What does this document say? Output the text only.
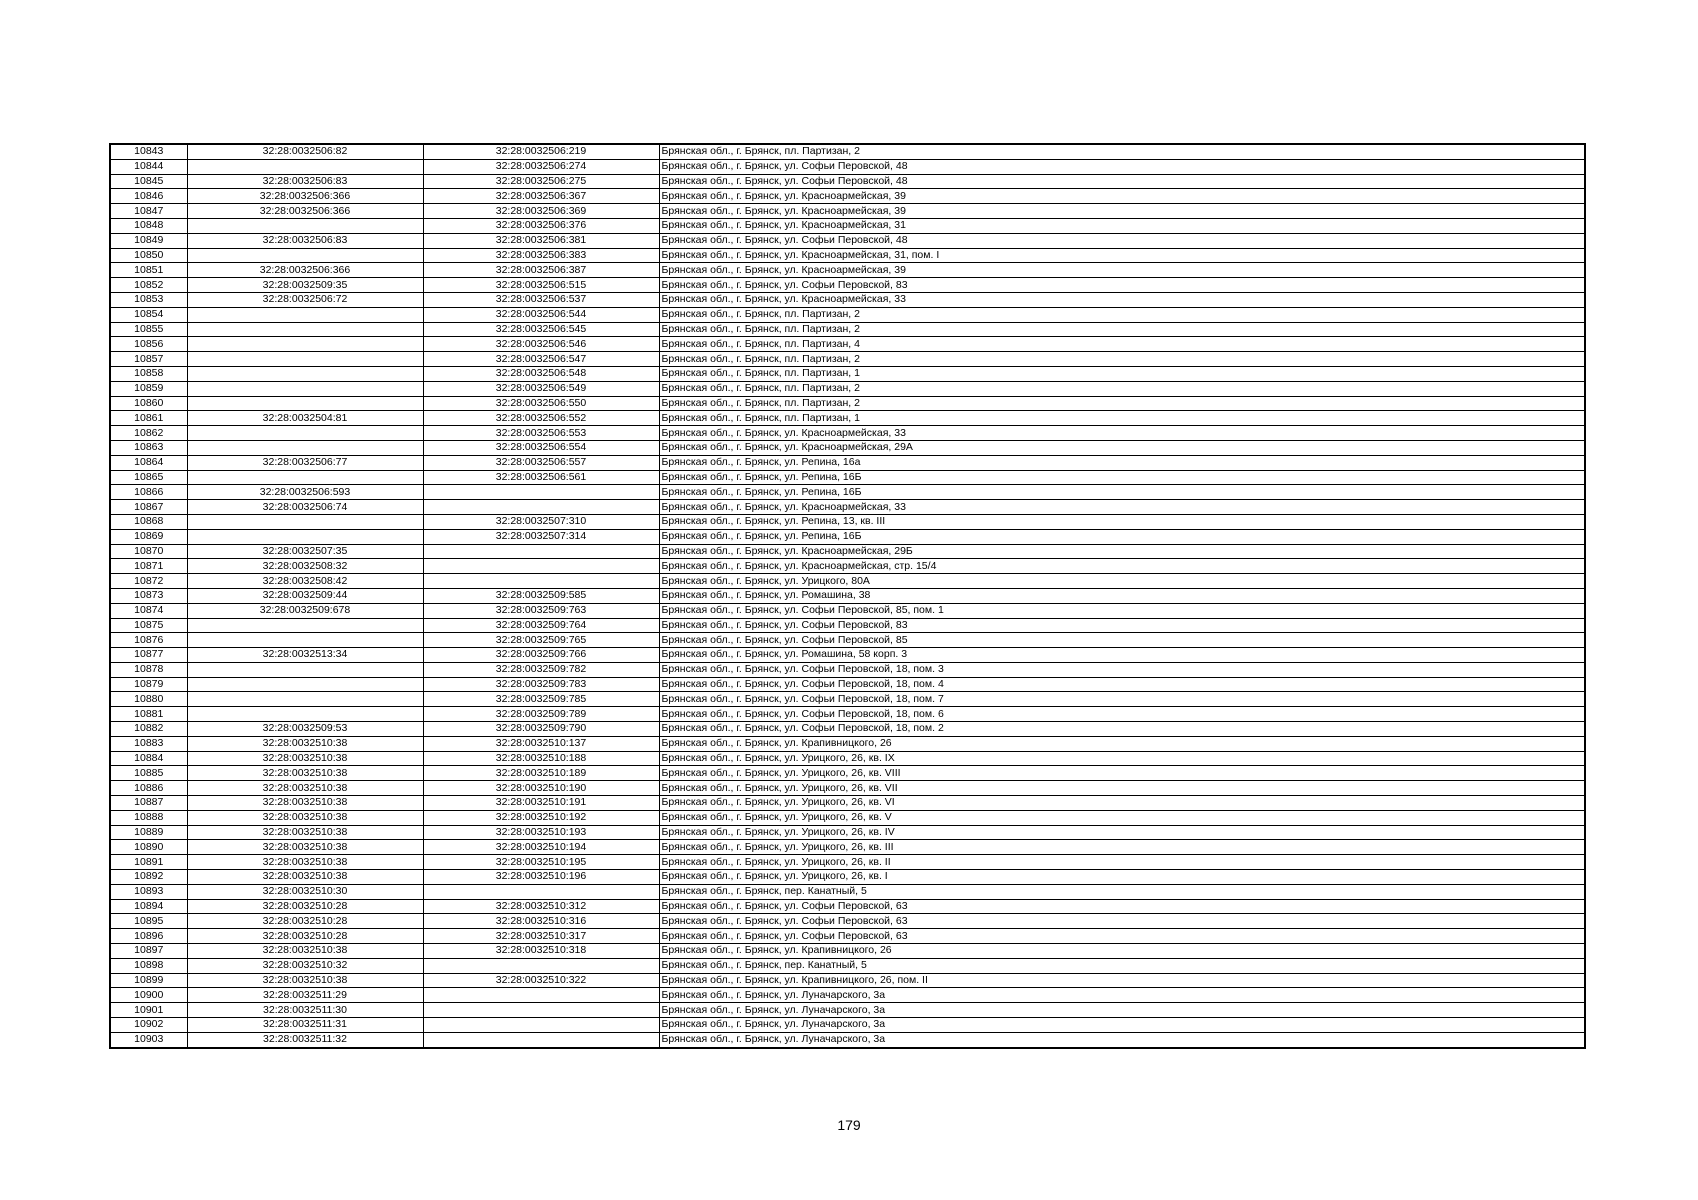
10843	32:28:0032506:82	32:28:0032506:219	Брянская обл., г. Брянск, пл. Партизан, 2
10844		32:28:0032506:274	Брянская обл., г. Брянск, ул. Софьи Перовской, 48
10845	32:28:0032506:83	32:28:0032506:275	Брянская обл., г. Брянск, ул. Софьи Перовской, 48
10846	32:28:0032506:366	32:28:0032506:367	Брянская обл., г. Брянск, ул. Красноармейская, 39
10847	32:28:0032506:366	32:28:0032506:369	Брянская обл., г. Брянск, ул. Красноармейская, 39
10848		32:28:0032506:376	Брянская обл., г. Брянск, ул. Красноармейская, 31
10849	32:28:0032506:83	32:28:0032506:381	Брянская обл., г. Брянск, ул. Софьи Перовской, 48
10850		32:28:0032506:383	Брянская обл., г. Брянск, ул. Красноармейская, 31, пом. I
10851	32:28:0032506:366	32:28:0032506:387	Брянская обл., г. Брянск, ул. Красноармейская, 39
10852	32:28:0032509:35	32:28:0032506:515	Брянская обл., г. Брянск, ул. Софьи Перовской, 83
10853	32:28:0032506:72	32:28:0032506:537	Брянская обл., г. Брянск, ул. Красноармейская, 33
10854		32:28:0032506:544	Брянская обл., г. Брянск, пл. Партизан, 2
10855		32:28:0032506:545	Брянская обл., г. Брянск, пл. Партизан, 2
10856		32:28:0032506:546	Брянская обл., г. Брянск, пл. Партизан, 4
10857		32:28:0032506:547	Брянская обл., г. Брянск, пл. Партизан, 2
10858		32:28:0032506:548	Брянская обл., г. Брянск, пл. Партизан, 1
10859		32:28:0032506:549	Брянская обл., г. Брянск, пл. Партизан, 2
10860		32:28:0032506:550	Брянская обл., г. Брянск, пл. Партизан, 2
10861	32:28:0032504:81	32:28:0032506:552	Брянская обл., г. Брянск, пл. Партизан, 1
10862		32:28:0032506:553	Брянская обл., г. Брянск, ул. Красноармейская, 33
10863		32:28:0032506:554	Брянская обл., г. Брянск, ул. Красноармейская, 29А
10864	32:28:0032506:77	32:28:0032506:557	Брянская обл., г. Брянск, ул. Репина, 16а
10865		32:28:0032506:561	Брянская обл., г. Брянск, ул. Репина, 16Б
10866	32:28:0032506:593		Брянская обл., г. Брянск, ул. Репина, 16Б
10867	32:28:0032506:74		Брянская обл., г. Брянск, ул. Красноармейская, 33
10868		32:28:0032507:310	Брянская обл., г. Брянск, ул. Репина, 13, кв. III
10869		32:28:0032507:314	Брянская обл., г. Брянск, ул. Репина, 16Б
10870	32:28:0032507:35		Брянская обл., г. Брянск, ул. Красноармейская, 29Б
10871	32:28:0032508:32		Брянская обл., г. Брянск, ул. Красноармейская, стр. 15/4
10872	32:28:0032508:42		Брянская обл., г. Брянск, ул. Урицкого, 80А
10873	32:28:0032509:44	32:28:0032509:585	Брянская обл., г. Брянск, ул. Ромашина, 38
10874	32:28:0032509:678	32:28:0032509:763	Брянская обл., г. Брянск, ул. Софьи Перовской, 85, пом. 1
10875		32:28:0032509:764	Брянская обл., г. Брянск, ул. Софьи Перовской, 83
10876		32:28:0032509:765	Брянская обл., г. Брянск, ул. Софьи Перовской, 85
10877	32:28:0032513:34	32:28:0032509:766	Брянская обл., г. Брянск, ул. Ромашина, 58 корп. 3
10878		32:28:0032509:782	Брянская обл., г. Брянск, ул. Софьи Перовской, 18, пом. 3
10879		32:28:0032509:783	Брянская обл., г. Брянск, ул. Софьи Перовской, 18, пом. 4
10880		32:28:0032509:785	Брянская обл., г. Брянск, ул. Софьи Перовской, 18, пом. 7
10881		32:28:0032509:789	Брянская обл., г. Брянск, ул. Софьи Перовской, 18, пом. 6
10882	32:28:0032509:53	32:28:0032509:790	Брянская обл., г. Брянск, ул. Софьи Перовской, 18, пом. 2
10883	32:28:0032510:38	32:28:0032510:137	Брянская обл., г. Брянск, ул. Крапивницкого, 26
10884	32:28:0032510:38	32:28:0032510:188	Брянская обл., г. Брянск, ул. Урицкого, 26, кв. IX
10885	32:28:0032510:38	32:28:0032510:189	Брянская обл., г. Брянск, ул. Урицкого, 26, кв. VIII
10886	32:28:0032510:38	32:28:0032510:190	Брянская обл., г. Брянск, ул. Урицкого, 26, кв. VII
10887	32:28:0032510:38	32:28:0032510:191	Брянская обл., г. Брянск, ул. Урицкого, 26, кв. VI
10888	32:28:0032510:38	32:28:0032510:192	Брянская обл., г. Брянск, ул. Урицкого, 26, кв. V
10889	32:28:0032510:38	32:28:0032510:193	Брянская обл., г. Брянск, ул. Урицкого, 26, кв. IV
10890	32:28:0032510:38	32:28:0032510:194	Брянская обл., г. Брянск, ул. Урицкого, 26, кв. III
10891	32:28:0032510:38	32:28:0032510:195	Брянская обл., г. Брянск, ул. Урицкого, 26, кв. II
10892	32:28:0032510:38	32:28:0032510:196	Брянская обл., г. Брянск, ул. Урицкого, 26, кв. I
10893	32:28:0032510:30		Брянская обл., г. Брянск, пер. Канатный, 5
10894	32:28:0032510:28	32:28:0032510:312	Брянская обл., г. Брянск, ул. Софьи Перовской, 63
10895	32:28:0032510:28	32:28:0032510:316	Брянская обл., г. Брянск, ул. Софьи Перовской, 63
10896	32:28:0032510:28	32:28:0032510:317	Брянская обл., г. Брянск, ул. Софьи Перовской, 63
10897	32:28:0032510:38	32:28:0032510:318	Брянская обл., г. Брянск, ул. Крапивницкого, 26
10898	32:28:0032510:32		Брянская обл., г. Брянск, пер. Канатный, 5
10899	32:28:0032510:38	32:28:0032510:322	Брянская обл., г. Брянск, ул. Крапивницкого, 26, пом. II
10900	32:28:0032511:29		Брянская обл., г. Брянск, ул. Луначарского, 3а
10901	32:28:0032511:30		Брянская обл., г. Брянск, ул. Луначарского, 3а
10902	32:28:0032511:31		Брянская обл., г. Брянск, ул. Луначарского, 3а
10903	32:28:0032511:32		Брянская обл., г. Брянск, ул. Луначарского, 3а
179
